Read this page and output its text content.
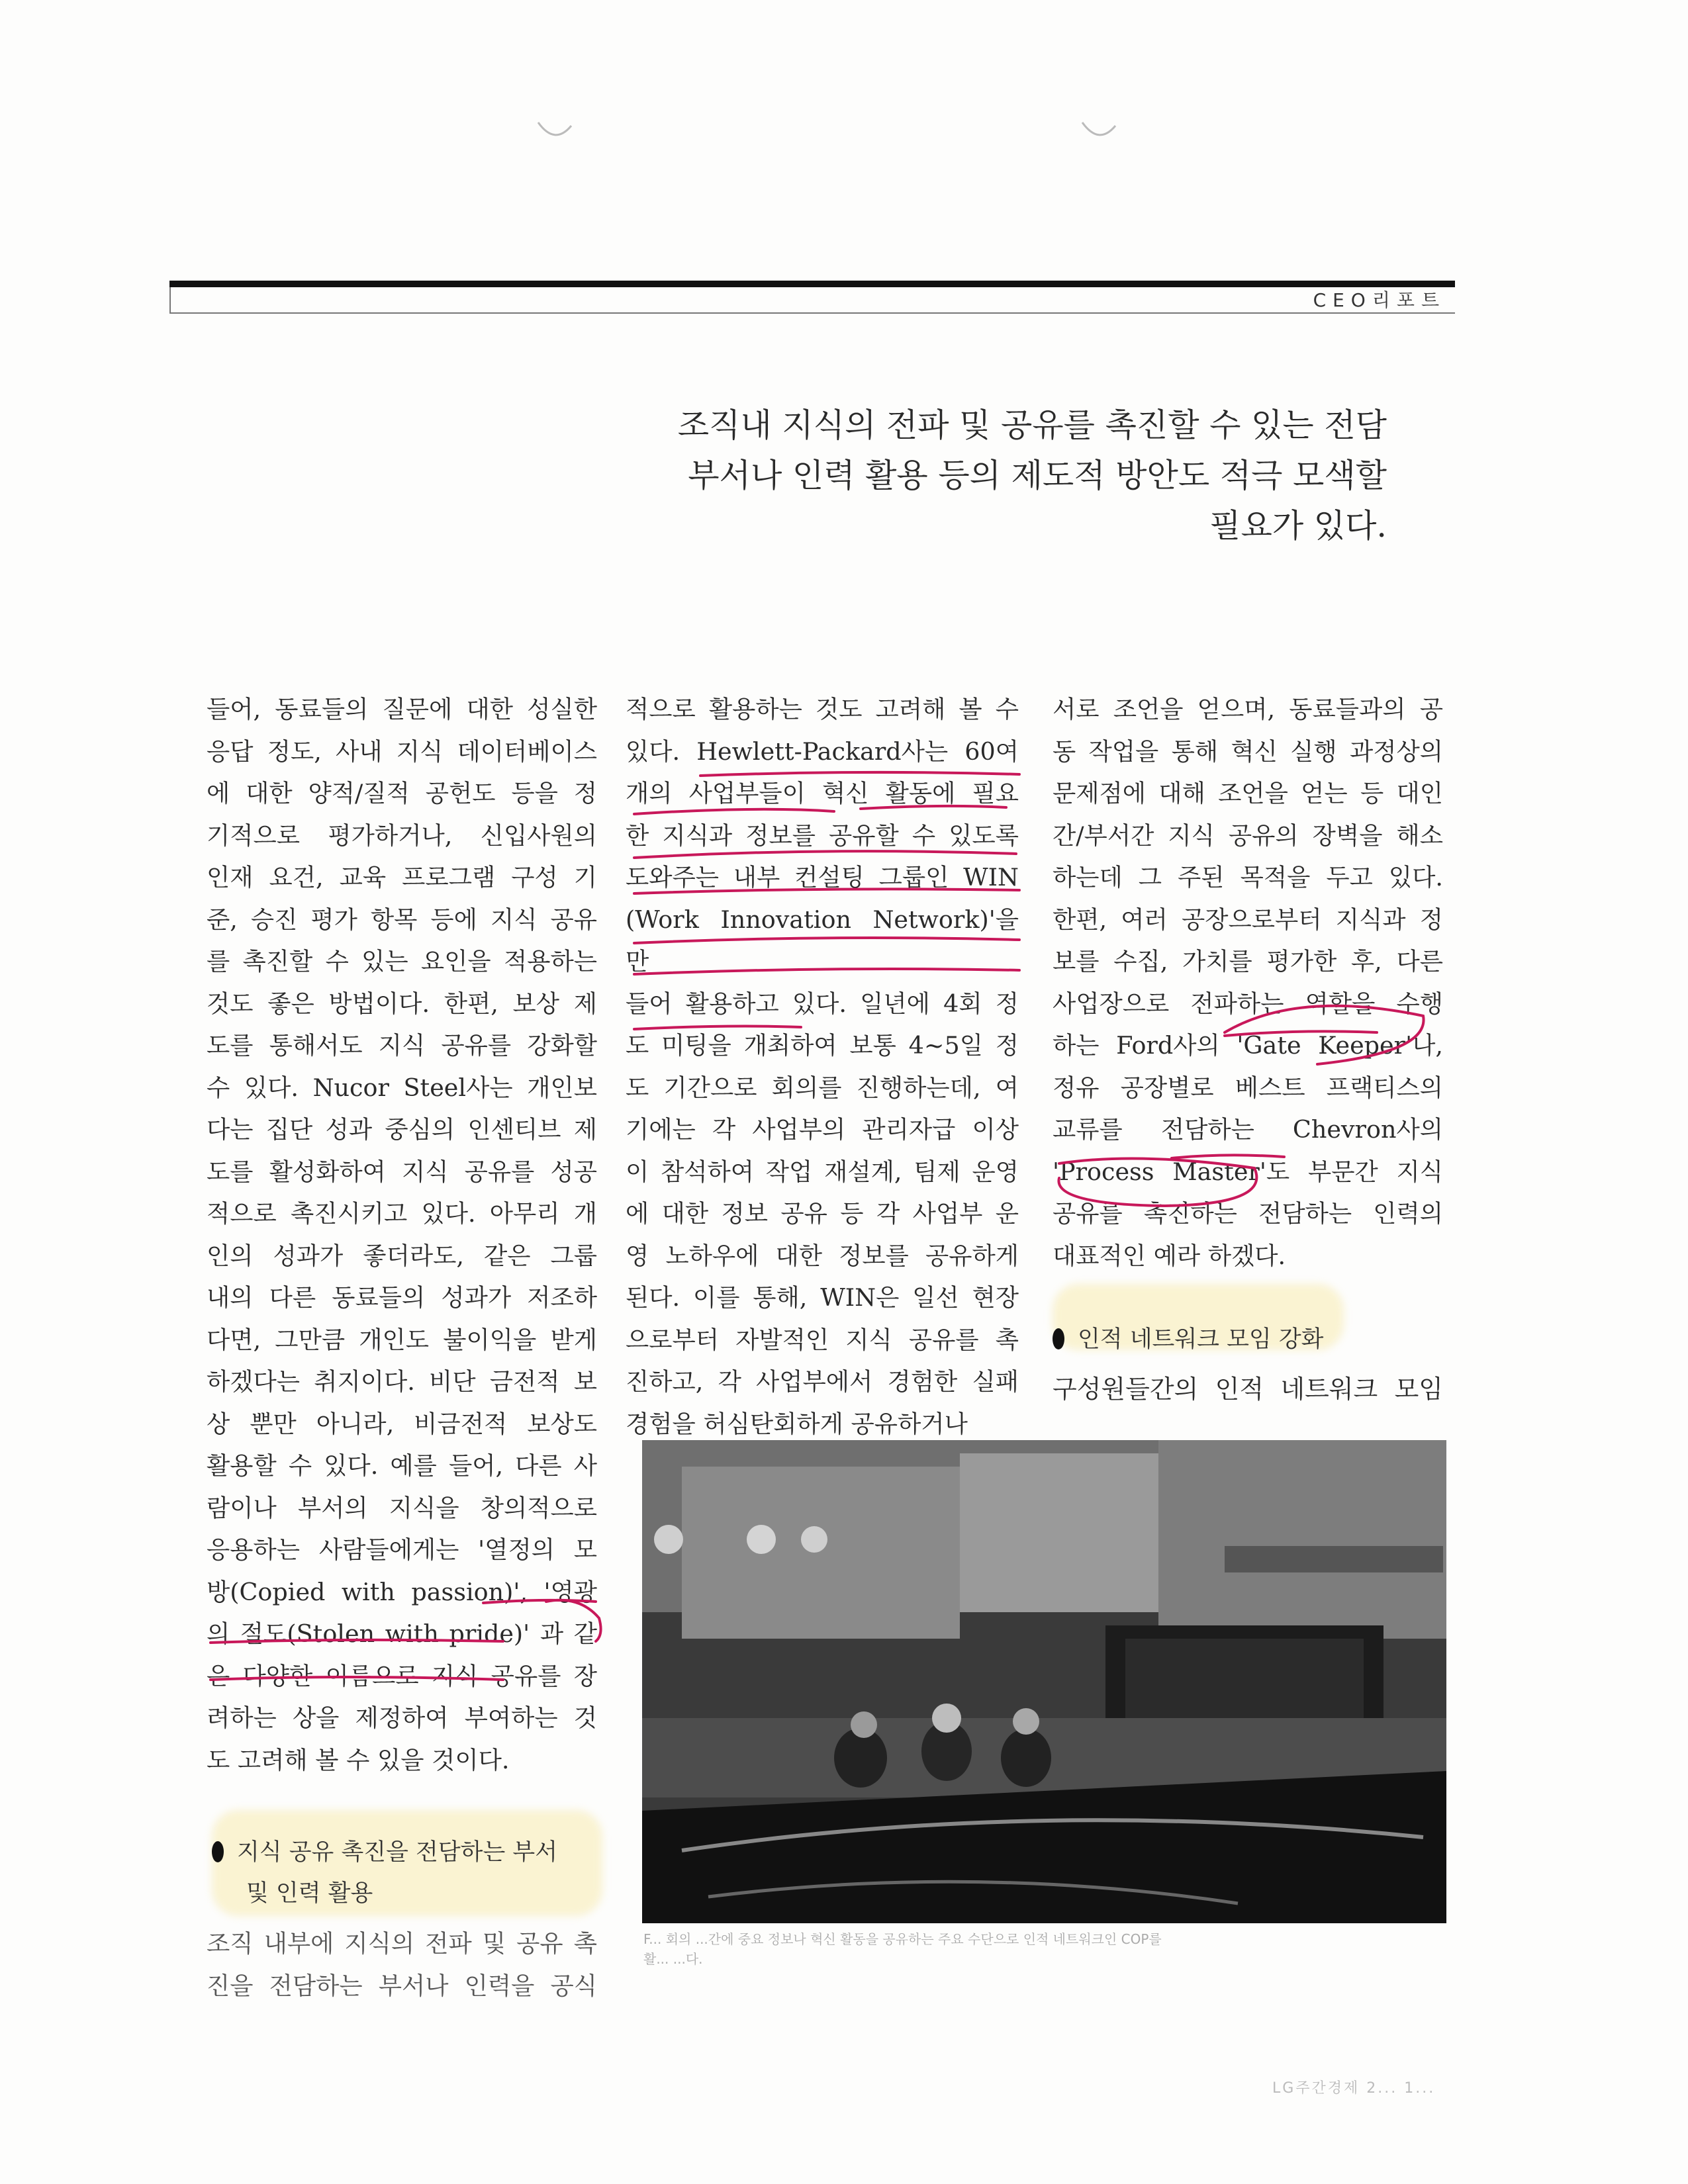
CEO리포트
조직내 지식의 전파 및 공유를 촉진할 수 있는 전담
부서나 인력 활용 등의 제도적 방안도 적극 모색할
필요가 있다.
들어, 동료들의 질문에 대한 성실한
응답 정도, 사내 지식 데이터베이스
에 대한 양적/질적 공헌도 등을 정
기적으로 평가하거나, 신입사원의
인재 요건, 교육 프로그램 구성 기
준, 승진 평가 항목 등에 지식 공유
를 촉진할 수 있는 요인을 적용하는
것도 좋은 방법이다. 한편, 보상 제
도를 통해서도 지식 공유를 강화할
수 있다. Nucor Steel사는 개인보
다는 집단 성과 중심의 인센티브 제
도를 활성화하여 지식 공유를 성공
적으로 촉진시키고 있다. 아무리 개
인의 성과가 좋더라도, 같은 그룹
내의 다른 동료들의 성과가 저조하
다면, 그만큼 개인도 불이익을 받게
하겠다는 취지이다. 비단 금전적 보
상 뿐만 아니라, 비금전적 보상도
활용할 수 있다. 예를 들어, 다른 사
람이나 부서의 지식을 창의적으로
응용하는 사람들에게는 '열정의 모
방(Copied with passion)', '영광
의 절도(Stolen with pride)' 과 같
은 다양한 이름으로 지식 공유를 장
려하는 상을 제정하여 부여하는 것
도 고려해 볼 수 있을 것이다.
적으로 활용하는 것도 고려해 볼 수
있다. Hewlett-Packard사는 60여
개의 사업부들이 혁신 활동에 필요
한 지식과 정보를 공유할 수 있도록
도와주는 내부 컨설팅 그룹인 WIN
(Work Innovation Network)'을 만
들어 활용하고 있다. 일년에 4회 정
도 미팅을 개최하여 보통 4~5일 정
도 기간으로 회의를 진행하는데, 여
기에는 각 사업부의 관리자급 이상
이 참석하여 작업 재설계, 팀제 운영
에 대한 정보 공유 등 각 사업부 운
영 노하우에 대한 정보를 공유하게
된다. 이를 통해, WIN은 일선 현장
으로부터 자발적인 지식 공유를 촉
진하고, 각 사업부에서 경험한 실패
경험을 허심탄회하게 공유하거나
서로 조언을 얻으며, 동료들과의 공
동 작업을 통해 혁신 실행 과정상의
문제점에 대해 조언을 얻는 등 대인
간/부서간 지식 공유의 장벽을 해소
하는데 그 주된 목적을 두고 있다.
한편, 여러 공장으로부터 지식과 정
보를 수집, 가치를 평가한 후, 다른
사업장으로 전파하는 역할을 수행
하는 Ford사의 'Gate Keeper'나,
정유 공장별로 베스트 프랙티스의
교류를 전담하는 Chevron사의
'Process Master'도 부문간 지식
공유를 촉진하는 전담하는 인력의
대표적인 예라 하겠다.
지식 공유 촉진을 전담하는 부서
및 인력 활용
조직 내부에 지식의 전파 및 공유 촉
진을 전담하는 부서나 인력을 공식
인적 네트워크 모임 강화
구성원들간의 인적 네트워크 모임
F... 회의 ...간에 중요 정보나 혁신 활동을 공유하는 주요 수단으로 인적 네트워크인 COP를
활... ...다.
LG주간경제 2... 1...
